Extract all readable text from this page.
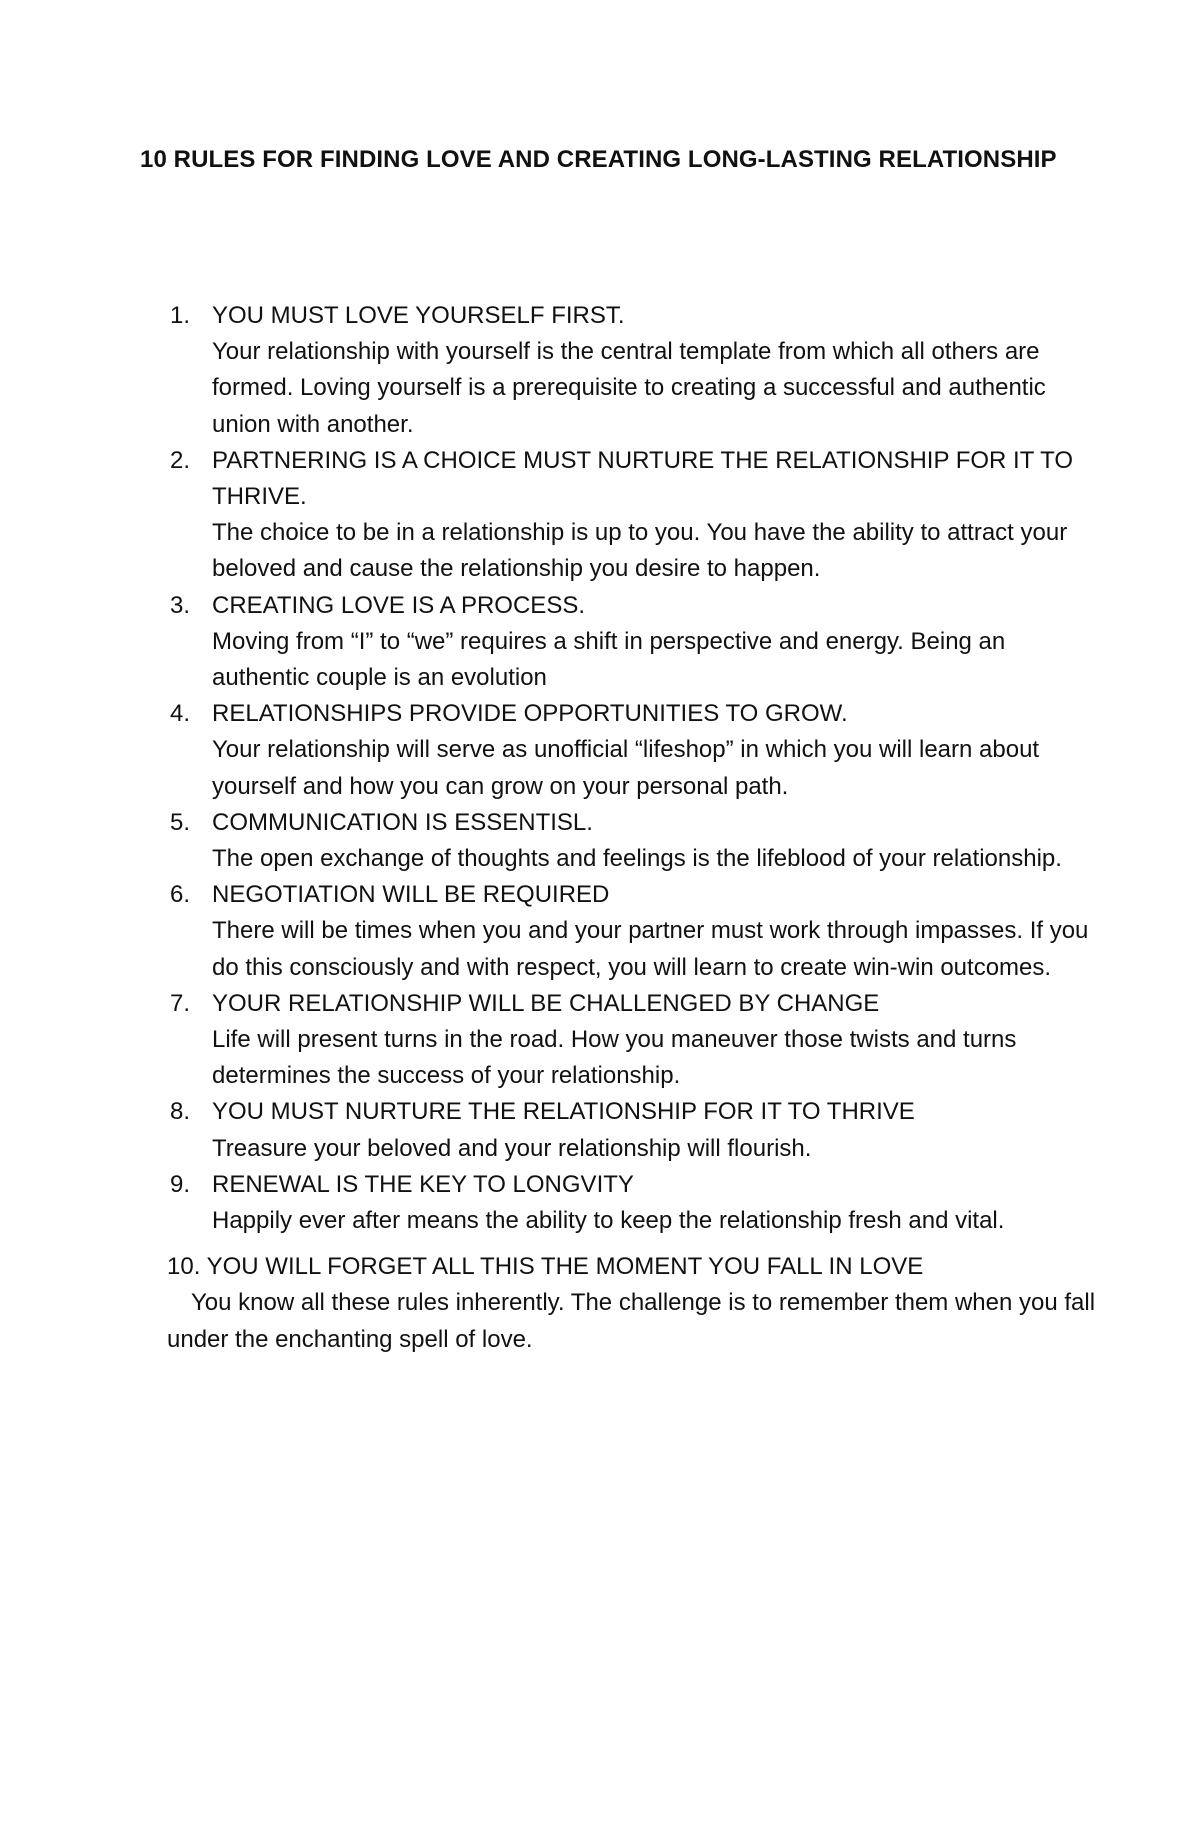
10 RULES FOR FINDING LOVE AND CREATING LONG-LASTING RELATIONSHIP
1. YOU MUST LOVE YOURSELF FIRST.
Your relationship with yourself is the central template from which all others are formed. Loving yourself is a prerequisite to creating a successful and authentic union with another.
2. PARTNERING IS A CHOICE MUST NURTURE THE RELATIONSHIP FOR IT TO THRIVE.
The choice to be in a relationship is up to you. You have the ability to attract your beloved and cause the relationship you desire to happen.
3. CREATING LOVE IS A PROCESS.
Moving from “I” to “we” requires a shift in perspective and energy. Being an authentic couple is an evolution
4. RELATIONSHIPS PROVIDE OPPORTUNITIES TO GROW.
Your relationship will serve as unofficial “lifeshop” in which you will learn about yourself and how you can grow on your personal path.
5. COMMUNICATION IS ESSENTISL.
The open exchange of thoughts and feelings is the lifeblood of your relationship.
6. NEGOTIATION WILL BE REQUIRED
There will be times when you and your partner must work through impasses. If you do this consciously and with respect, you will learn to create win-win outcomes.
7. YOUR RELATIONSHIP WILL BE CHALLENGED BY CHANGE
Life will present turns in the road. How you maneuver those twists and turns determines the success of your relationship.
8. YOU MUST NURTURE THE RELATIONSHIP FOR IT TO THRIVE
Treasure your beloved and your relationship will flourish.
9. RENEWAL IS THE KEY TO LONGVITY
Happily ever after means the ability to keep the relationship fresh and vital.
10. YOU WILL FORGET ALL THIS THE MOMENT YOU FALL IN LOVE
You know all these rules inherently. The challenge is to remember them when you fall under the enchanting spell of love.
